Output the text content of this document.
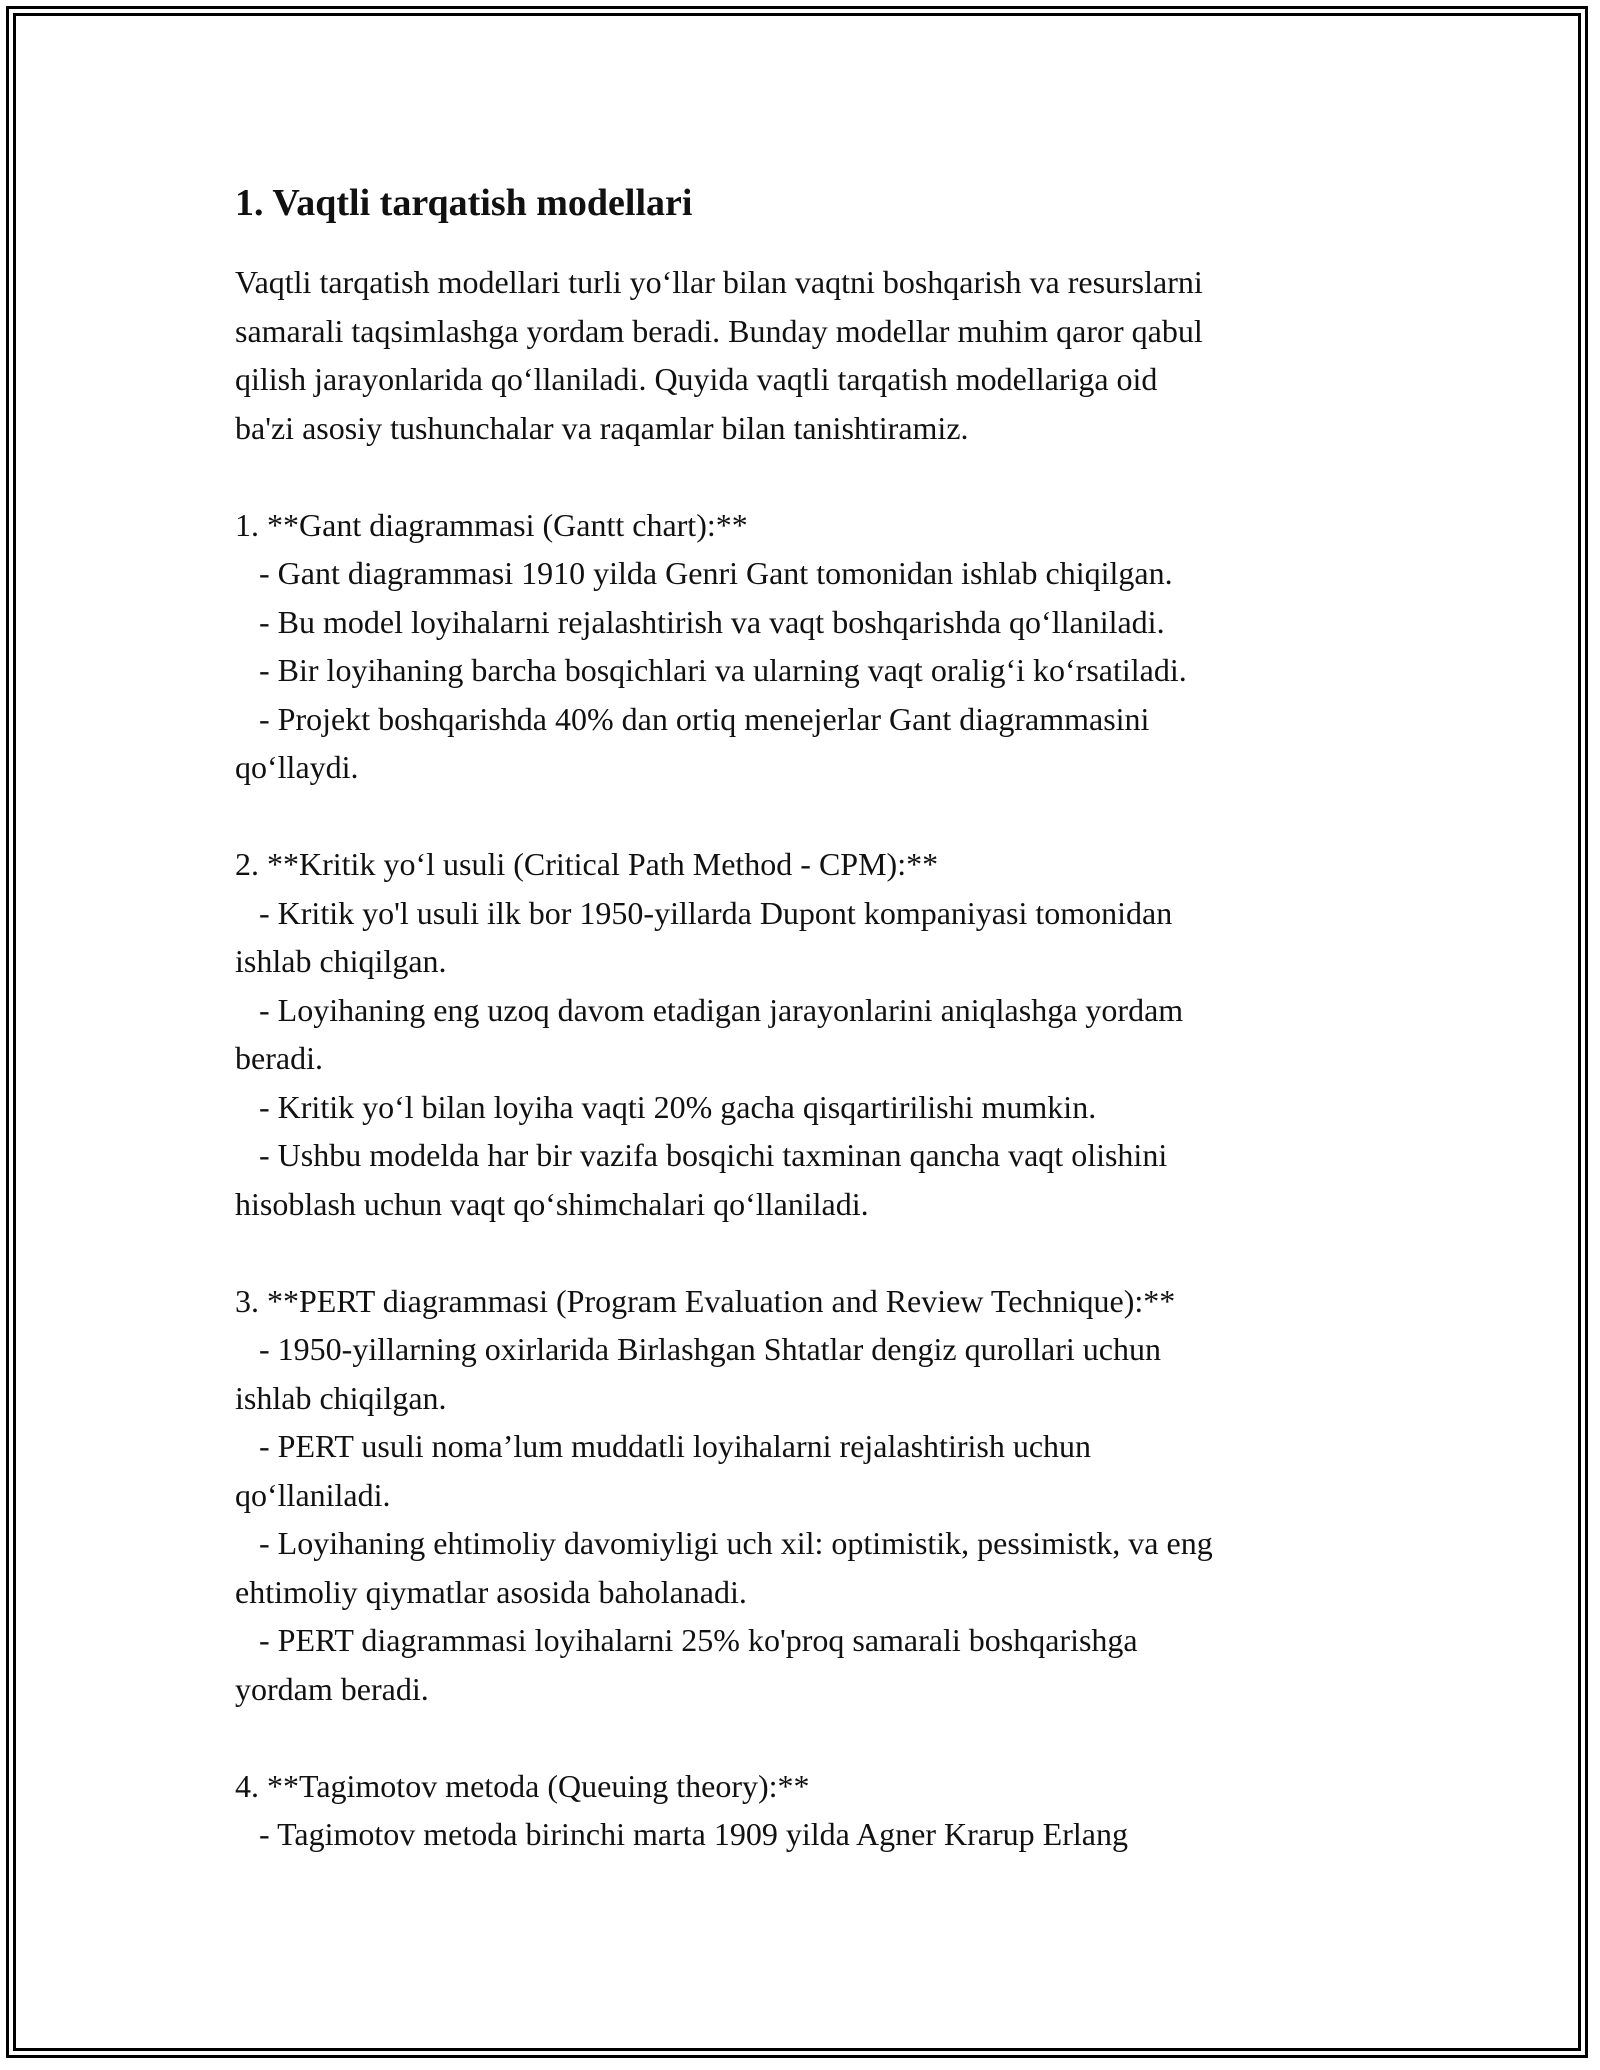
1. Vaqtli tarqatish modellari

Vaqtli tarqatish modellari turli yo‘llar bilan vaqtni boshqarish va resurslarni
samarali taqsimlashga yordam beradi. Bunday modellar muhim qaror qabul
qilish jarayonlarida qo‘llaniladi. Quyida vaqtli tarqatish modellariga oid
ba'zi asosiy tushunchalar va raqamlar bilan tanishtiramiz.

1. **Gant diagrammasi (Gantt chart):**

- Gant diagrammasi 1910 yilda Genri Gant tomonidan ishlab chiqilgan.

- Bu model loyihalarni rejalashtirish va vaqt boshqarishda qo‘llaniladi.

- Bir loyihaning barcha bosqichlari va ularning vaqt oralig‘i ko‘rsatiladi.

- Projekt boshqarishda 40% dan ortiq menejerlar Gant diagrammasini
qo‘llaydi.

2. **Kritik yo‘l usuli (Critical Path Method - CPM):**

- Kritik yo'l usuli ilk bor 1950-yillarda Dupont kompaniyasi tomonidan
ishlab chiqilgan.

- Loyihaning eng uzoq davom etadigan jarayonlarini aniqlashga yordam
beradi.

- Kritik yo‘l bilan loyiha vaqti 20% gacha qisqartirilishi mumkin.

- Ushbu modelda har bir vazifa bosqichi taxminan qancha vaqt olishini
hisoblash uchun vaqt qo‘shimchalari qo‘llaniladi.

3. **PERT diagrammasi (Program Evaluation and Review Technique):**

- 1950-yillarning oxirlarida Birlashgan Shtatlar dengiz qurollari uchun
ishlab chiqilgan.

- PERT usuli noma’lum muddatli loyihalarni rejalashtirish uchun
qo‘llaniladi.

- Loyihaning ehtimoliy davomiyligi uch xil: optimistik, pessimistk, va eng
ehtimoliy qiymatlar asosida baholanadi.

- PERT diagrammasi loyihalarni 25% ko'proq samarali boshqarishga
yordam beradi.

4. **Tagimotov metoda (Queuing theory):**

- Tagimotov metoda birinchi marta 1909 yilda Agner Krarup Erlang
